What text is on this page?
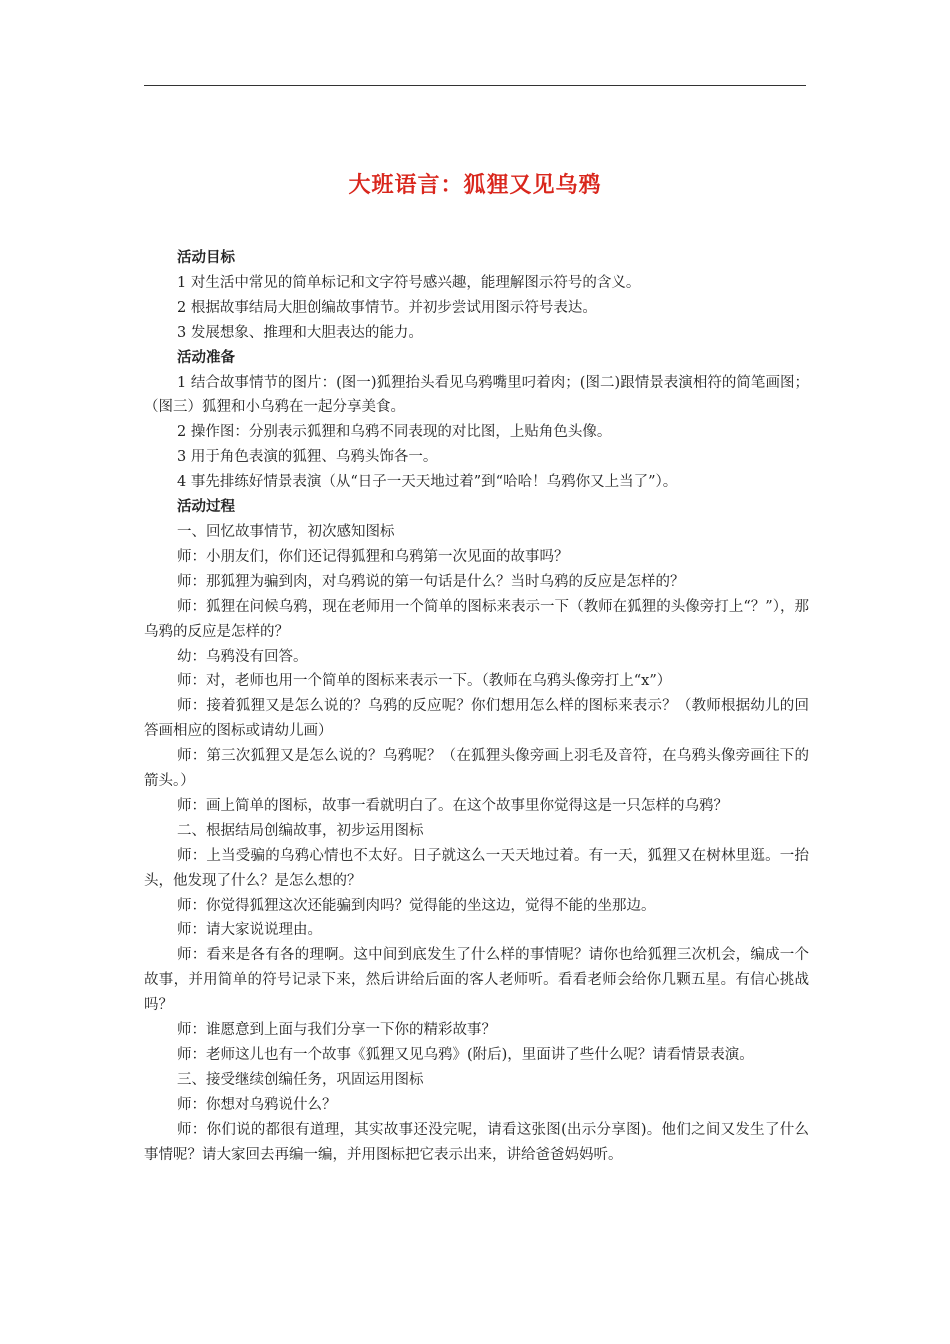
大班语言：狐狸又见乌鸦

活动目标

1 对生活中常见的简单标记和文字符号感兴趣，能理解图示符号的含义。

2 根据故事结局大胆创编故事情节。并初步尝试用图示符号表达。

3 发展想象、推理和大胆表达的能力。

活动准备

1 结合故事情节的图片：(图一)狐狸抬头看见乌鸦嘴里叼着肉；(图二)跟情景表演相符的简笔画图；（图三）狐狸和小乌鸦在一起分享美食。

2 操作图：分别表示狐狸和乌鸦不同表现的对比图，上贴角色头像。

3 用于角色表演的狐狸、乌鸦头饰各一。

4 事先排练好情景表演（从“日子一天天地过着”到“哈哈！乌鸦你又上当了”）。

活动过程

一、回忆故事情节，初次感知图标

师：小朋友们，你们还记得狐狸和乌鸦第一次见面的故事吗？

师：那狐狸为骗到肉，对乌鸦说的第一句话是什么？当时乌鸦的反应是怎样的？

师：狐狸在问候乌鸦，现在老师用一个简单的图标来表示一下（教师在狐狸的头像旁打上“？”），那乌鸦的反应是怎样的？

幼：乌鸦没有回答。

师：对，老师也用一个简单的图标来表示一下。（教师在乌鸦头像旁打上“x”）

师：接着狐狸又是怎么说的？乌鸦的反应呢？你们想用怎么样的图标来表示？（教师根据幼儿的回答画相应的图标或请幼儿画）

师：第三次狐狸又是怎么说的？乌鸦呢？（在狐狸头像旁画上羽毛及音符，在乌鸦头像旁画往下的箭头。）

师：画上简单的图标，故事一看就明白了。在这个故事里你觉得这是一只怎样的乌鸦？

二、根据结局创编故事，初步运用图标

师：上当受骗的乌鸦心情也不太好。日子就这么一天天地过着。有一天，狐狸又在树林里逛。一抬头，他发现了什么？是怎么想的？

师：你觉得狐狸这次还能骗到肉吗？觉得能的坐这边，觉得不能的坐那边。

师：请大家说说理由。

师：看来是各有各的理啊。这中间到底发生了什么样的事情呢？请你也给狐狸三次机会，编成一个故事，并用简单的符号记录下来，然后讲给后面的客人老师听。看看老师会给你几颗五星。有信心挑战吗？

师：谁愿意到上面与我们分享一下你的精彩故事？

师：老师这儿也有一个故事《狐狸又见乌鸦》(附后)，里面讲了些什么呢？请看情景表演。

三、接受继续创编任务，巩固运用图标

师：你想对乌鸦说什么？

师：你们说的都很有道理，其实故事还没完呢，请看这张图(出示分享图)。他们之间又发生了什么事情呢？请大家回去再编一编，并用图标把它表示出来，讲给爸爸妈妈听。
